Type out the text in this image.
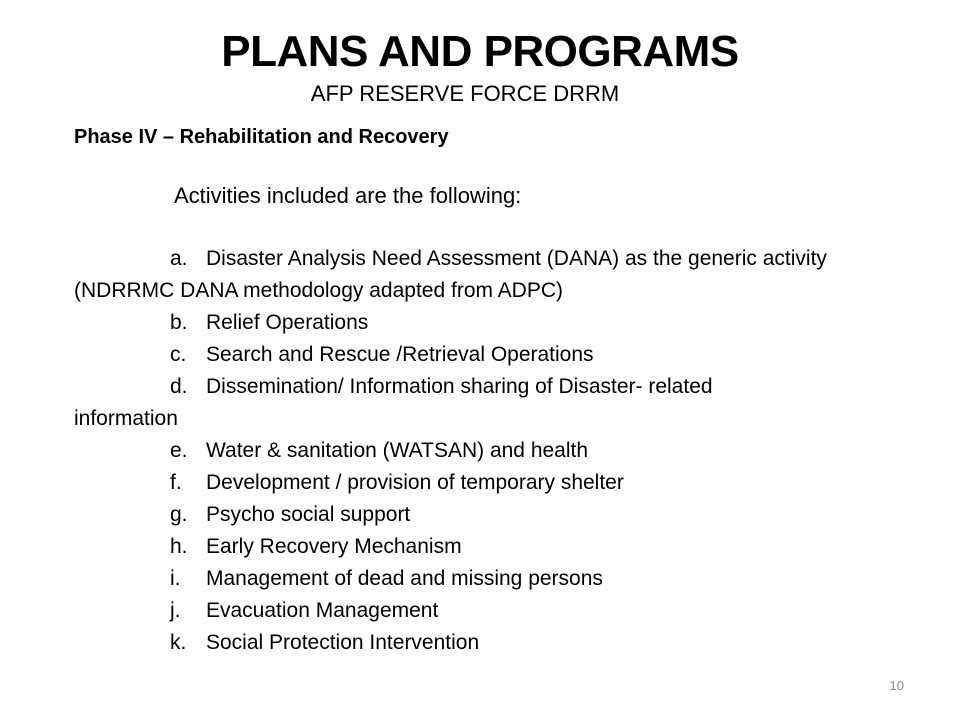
PLANS AND PROGRAMS
AFP RESERVE FORCE DRRM
Phase IV – Rehabilitation and Recovery
Activities included are the following:
a. Disaster Analysis Need Assessment (DANA) as the generic activity
(NDRRMC DANA methodology adapted from ADPC)
b. Relief Operations
c. Search and Rescue /Retrieval Operations
d. Dissemination/ Information sharing of Disaster- related
information
e. Water & sanitation (WATSAN) and health
f. Development / provision of temporary shelter
g. Psycho social support
h. Early Recovery Mechanism
i. Management of dead and missing persons
j. Evacuation Management
k. Social Protection Intervention
10
